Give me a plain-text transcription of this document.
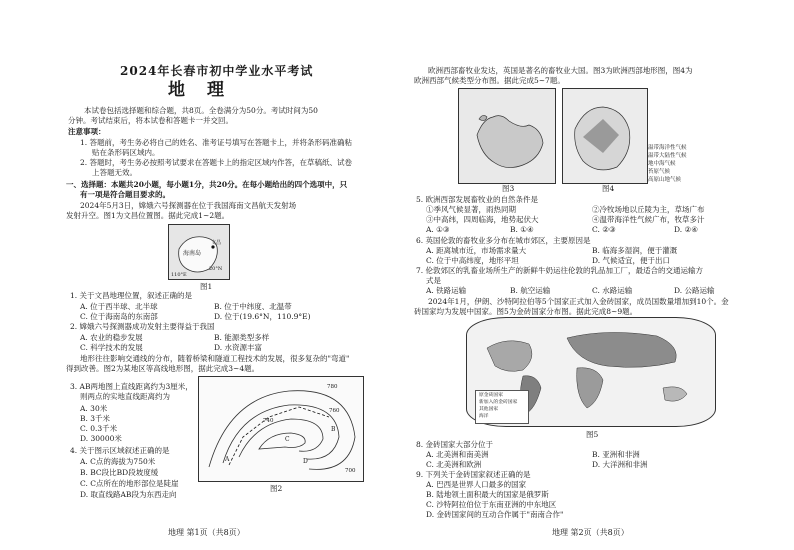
2024年长春市初中学业水平考试
地理
本试卷包括选择题和综合题，共8页。全卷满分为50分。考试时间为50
分钟。考试结束后，将本试卷和答题卡一并交回。
注意事项：
1. 答题前，考生务必将自己的姓名、准考证号填写在答题卡上，并将条形码准确粘
贴在条形码区域内。
2. 答题时，考生务必按照考试要求在答题卡上的指定区域内作答，在草稿纸、试卷
上答题无效。
一、选择题：本题共20小题，每小题1分，共20分。在每小题给出的四个选项中，只
有一项是符合题目要求的。
2024年5月3日，嫦娥六号探测器在位于我国海南文昌航天发射场
发射升空。图1为文昌位置图。据此完成1~2题。
海南岛
20°N
110°E
文昌
图1
1. 关于文昌地理位置，叙述正确的是
A. 位于西半球、北半球	B. 位于中纬度、北温带
C. 位于海南岛的东南部	D. 位于(19.6°N，110.9°E)
2. 嫦娥六号探测器成功发射主要得益于我国
A. 农业的稳步发展	B. 能源类型多样
C. 科学技术的发展	D. 水资源丰富
地形往往影响交通线的分布，随着桥梁和隧道工程技术的发展，很多复杂的"弯道"
得到改善。图2为某地区等高线地形图，据此完成3~4题。
3. AB两地图上直线距离约为3厘米，
则两点的实地直线距离约为
A. 30米
B. 3千米
C. 0.3千米
D. 30000米
4. 关于图示区域叙述正确的是
A. C点的海拔为750米
B. BC段比BD段坡度缓
C. C点所在的地形部位是陡崖
D. 取直线路AB段为东西走向
780
760
740
A
B
C
D
700
图2
地理 第1页（共8页）
欧洲西部畜牧业发达，英国是著名的畜牧业大国。图3为欧洲西部地形图，图4为
欧洲西部气候类型分布图。据此完成5~7题。
图3
温带海洋性气候
温带大陆性气候
地中海气候
苔原气候
高原山地气候
图4
5. 欧洲西部发展畜牧业的自然条件是
①季风气候显著，雨热同期	②冷牧场地以丘陵为主，草场广布
③中高纬，四周临海，地势起伏大	④温带海洋性气候广布，牧草多汁
A. ①③	B. ①④	C. ②③	D. ②④
6. 英国伦敦的畜牧业多分布在城市郊区，主要原因是
A. 距离城市近，市场需求量大	B. 临海多湿润，便于灌溉
C. 位于中高纬度，地形平坦	D. 气候适宜，便于出口
7. 伦敦郊区的乳畜业场所生产的新鲜牛奶运往伦敦的乳品加工厂，最适合的交通运输方
式是
A. 铁路运输	B. 航空运输	C. 水路运输	D. 公路运输
2024年1月，伊朗、沙特阿拉伯等5个国家正式加入金砖国家，成员国数量增加到10个。金
砖国家均为发展中国家。图5为金砖国家分布图。据此完成8~9题。
原金砖国家
新加入的金砖国家
其他国家
海洋
图5
8. 金砖国家大部分位于
A. 北美洲和南美洲	B. 亚洲和非洲
C. 北美洲和欧洲	D. 大洋洲和非洲
9. 下列关于金砖国家叙述正确的是
A. 巴西是世界人口最多的国家
B. 陆地领土面积最大的国家是俄罗斯
C. 沙特阿拉伯位于东南亚洲的中东地区
D. 金砖国家间的互动合作属于"南南合作"
地理 第2页（共8页）
